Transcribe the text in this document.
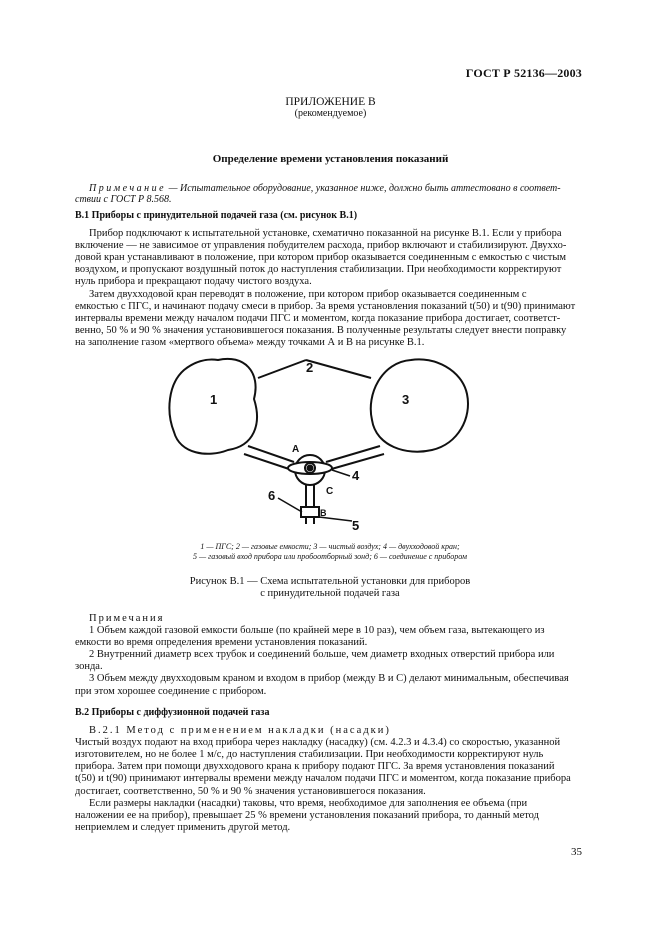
ГОСТ Р 52136—2003
ПРИЛОЖЕНИЕ В
(рекомендуемое)
Определение времени установления показаний
Примечание — Испытательное оборудование, указанное ниже, должно быть аттестовано в соответ-
ствии с ГОСТ Р 8.568.
В.1 Приборы с принудительной подачей газа (см. рисунок В.1)

Прибор подключают к испытательной установке, схематично показанной на рисунке В.1. Если у прибора

включение — не зависимое от управления побудителем расхода, прибор включают и стабилизируют. Двуххо-

довой кран устанавливают в положение, при котором прибор оказывается соединенным с емкостью с чистым

воздухом, и пропускают воздушный поток до наступления стабилизации. При необходимости корректируют

нуль прибора и прекращают подачу чистого воздуха.

Затем двухходовой кран переводят в положение, при котором прибор оказывается соединенным с

емкостью с ПГС, и начинают подачу смеси в прибор. За время установления показаний t(50) и t(90) принимают

интервалы времени между началом подачи ПГС и моментом, когда показание прибора достигает, соответст-

венно, 50 % и 90 % значения установившегося показания. В полученные результаты следует внести поправку

на заполнение газом «мертвого объема» между точками А и В на рисунке В.1.

1
2
3
4
5
6
A
B
C
1 — ПГС; 2 — газовые емкости; 3 — чистый воздух; 4 — двухходовой кран;
5 — газовый вход прибора или пробоотборный зонд; 6 — соединение с прибором
Рисунок В.1 — Схема испытательной установки для приборов
с принудительной подачей газа

Примечания

1 Объем каждой газовой емкости больше (по крайней мере в 10 раз), чем объем газа, вытекающего из

емкости во время определения времени установления показаний.

2 Внутренний диаметр всех трубок и соединений больше, чем диаметр входных отверстий прибора или

зонда.

3 Объем между двухходовым краном и входом в прибор (между В и С) делают минимальным, обеспечивая

при этом хорошее соединение с прибором.

В.2 Приборы с диффузионной подачей газа

В.2.1 Метод с применением накладки (насадки)

Чистый воздух подают на вход прибора через накладку (насадку) (см. 4.2.3 и 4.3.4) со скоростью, указанной

изготовителем, но не более 1 м/с, до наступления стабилизации. При необходимости корректируют нуль

прибора. Затем при помощи двухходового крана к прибору подают ПГС. За время установления показаний

t(50) и t(90) принимают интервалы времени между началом подачи ПГС и моментом, когда показание прибора

достигает, соответственно, 50 % и 90 % значения установившегося показания.

Если размеры накладки (насадки) таковы, что время, необходимое для заполнения ее объема (при

наложении ее на прибор), превышает 25 % времени установления показаний прибора, то данный метод

неприемлем и следует применить другой метод.

35
